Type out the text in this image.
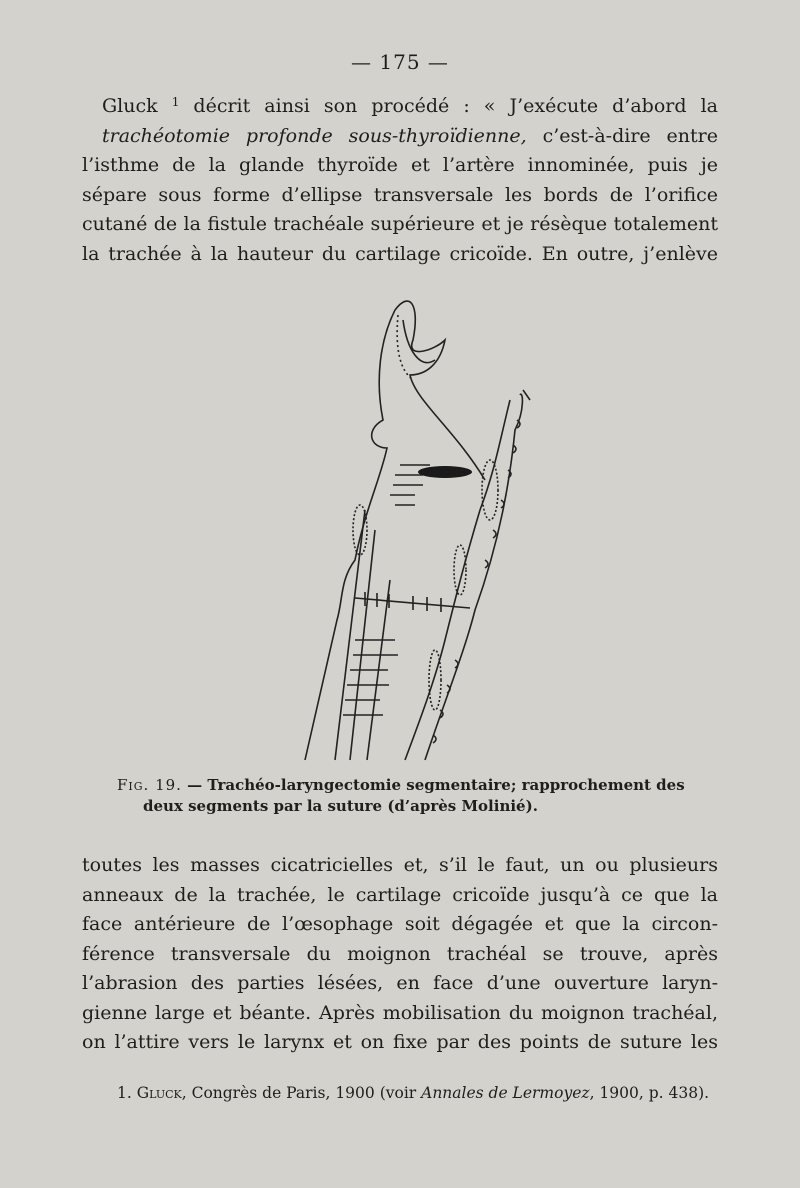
— 175 —
Gluck $^1$ décrit ainsi son procédé : « J’exécute d’abord la
trachéotomie profonde sous-thyroïdienne, c’est-à-dire entre
l’isthme de la glande thyroïde et l’artère innominée, puis je
sépare sous forme d’ellipse transversale les bords de l’orifice
cutané de la fistule trachéale supérieure et je résèque totalement
la trachée à la hauteur du cartilage cricoïde. En outre, j’enlève
Fig. 19. — Trachéo-laryngectomie segmentaire; rapprochement des
deux segments par la suture (d’après Molinié).
toutes les masses cicatricielles et, s’il le faut, un ou plusieurs
anneaux de la trachée, le cartilage cricoïde jusqu’à ce que la
face antérieure de l’œsophage soit dégagée et que la circon-
férence transversale du moignon trachéal se trouve, après
l’abrasion des parties lésées, en face d’une ouverture laryn-
gienne large et béante. Après mobilisation du moignon trachéal,
on l’attire vers le larynx et on fixe par des points de suture les
1. Gluck, Congrès de Paris, 1900 (voir Annales de Lermoyez, 1900, p. 438).
